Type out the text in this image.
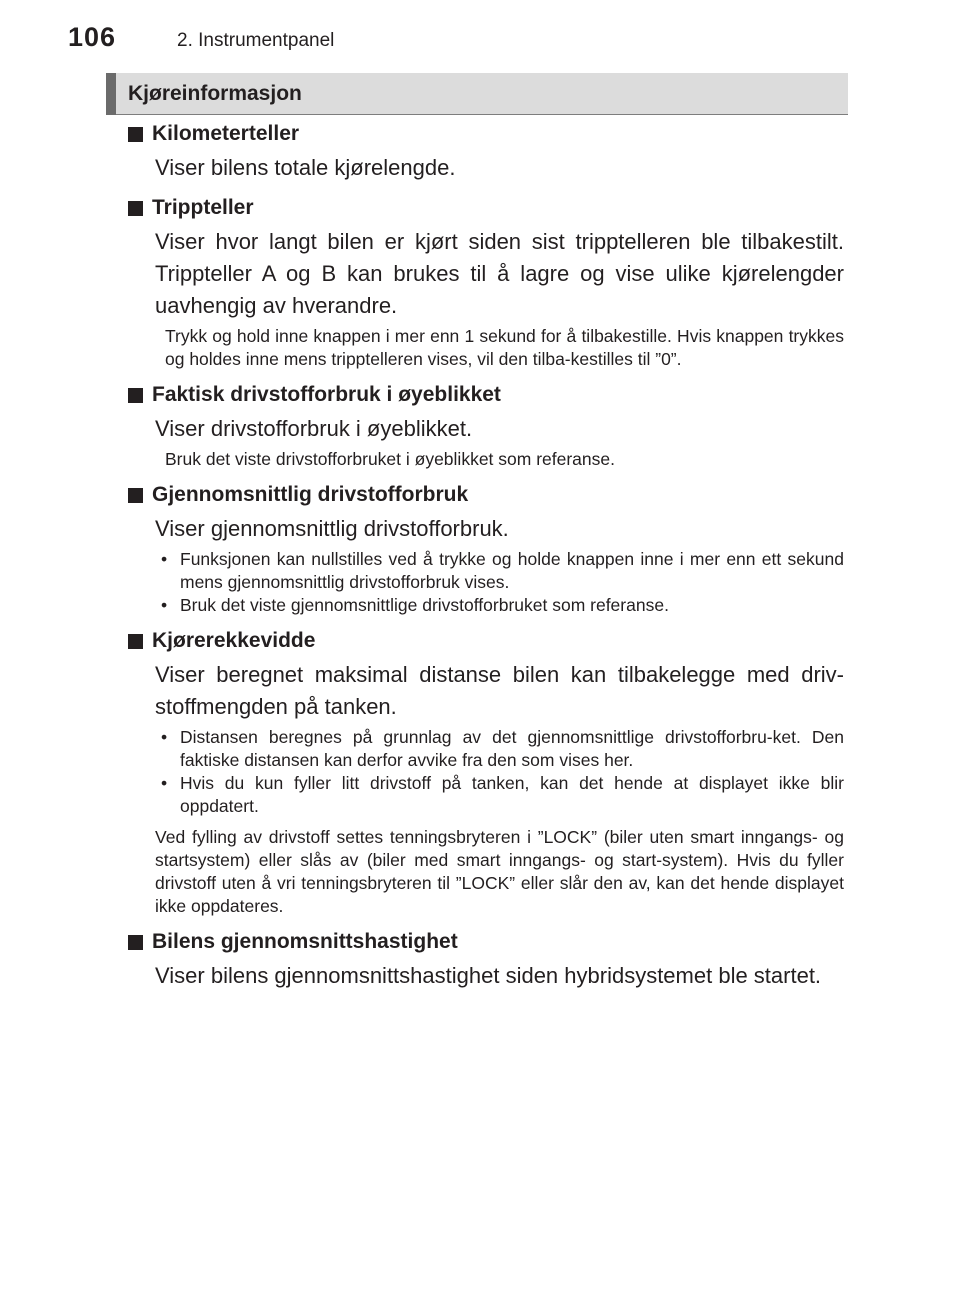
106	2. Instrumentpanel
Kjøreinformasjon
Kilometerteller
Viser bilens totale kjørelengde.
Trippteller
Viser hvor langt bilen er kjørt siden sist tripptelleren ble tilbakestilt. Trippteller A og B kan brukes til å lagre og vise ulike kjørelengder uavhengig av hverandre.
Trykk og hold inne knappen i mer enn 1 sekund for å tilbakestille. Hvis knappen trykkes og holdes inne mens tripptelleren vises, vil den tilba-kestilles til ”0”.
Faktisk drivstofforbruk i øyeblikket
Viser drivstofforbruk i øyeblikket.
Bruk det viste drivstofforbruket i øyeblikket som referanse.
Gjennomsnittlig drivstofforbruk
Viser gjennomsnittlig drivstofforbruk.
• Funksjonen kan nullstilles ved å trykke og holde knappen inne i mer enn ett sekund mens gjennomsnittlig drivstofforbruk vises.
• Bruk det viste gjennomsnittlige drivstofforbruket som referanse.
Kjørerekkevidde
Viser beregnet maksimal distanse bilen kan tilbakelegge med driv-stoffmengden på tanken.
• Distansen beregnes på grunnlag av det gjennomsnittlige drivstofforbru-ket. Den faktiske distansen kan derfor avvike fra den som vises her.
• Hvis du kun fyller litt drivstoff på tanken, kan det hende at displayet ikke blir oppdatert.
Ved fylling av drivstoff settes tenningsbryteren i ”LOCK” (biler uten smart inngangs- og startsystem) eller slås av (biler med smart inngangs- og start-system). Hvis du fyller drivstoff uten å vri tenningsbryteren til ”LOCK” eller slår den av, kan det hende displayet ikke oppdateres.
Bilens gjennomsnittshastighet
Viser bilens gjennomsnittshastighet siden hybridsystemet ble startet.
